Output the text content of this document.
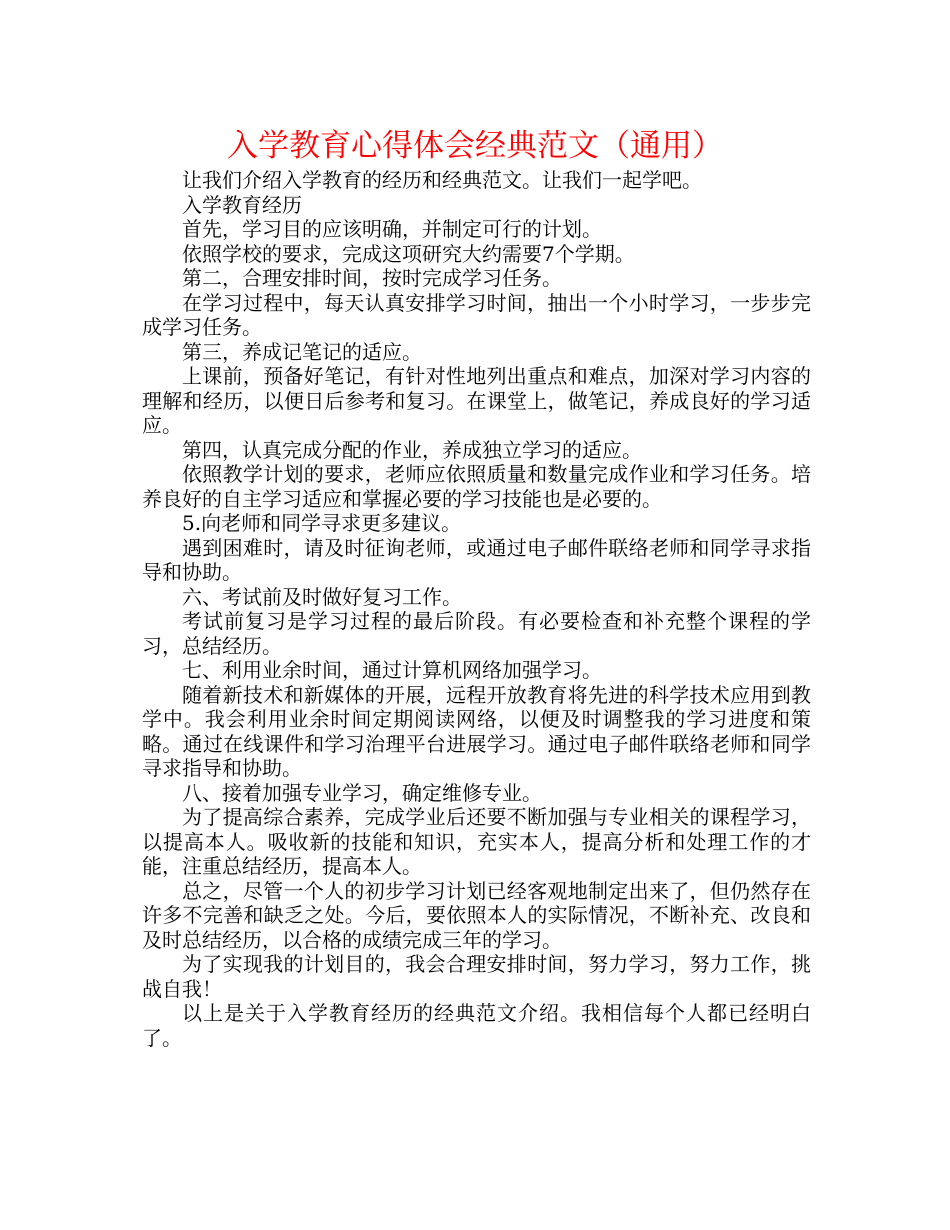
入学教育心得体会经典范文（通用）

让我们介绍入学教育的经历和经典范文。让我们一起学吧。

入学教育经历

首先，学习目的应该明确，并制定可行的计划。

依照学校的要求，完成这项研究大约需要7个学期。

第二，合理安排时间，按时完成学习任务。

在学习过程中，每天认真安排学习时间，抽出一个小时学习，一步步完成学习任务。

第三，养成记笔记的适应。

上课前，预备好笔记，有针对性地列出重点和难点，加深对学习内容的理解和经历，以便日后参考和复习。在课堂上，做笔记，养成良好的学习适应。

第四，认真完成分配的作业，养成独立学习的适应。

依照教学计划的要求，老师应依照质量和数量完成作业和学习任务。培养良好的自主学习适应和掌握必要的学习技能也是必要的。

5.向老师和同学寻求更多建议。

遇到困难时，请及时征询老师，或通过电子邮件联络老师和同学寻求指导和协助。

六、考试前及时做好复习工作。

考试前复习是学习过程的最后阶段。有必要检查和补充整个课程的学习，总结经历。

七、利用业余时间，通过计算机网络加强学习。

随着新技术和新媒体的开展，远程开放教育将先进的科学技术应用到教学中。我会利用业余时间定期阅读网络，以便及时调整我的学习进度和策略。通过在线课件和学习治理平台进展学习。通过电子邮件联络老师和同学寻求指导和协助。

八、接着加强专业学习，确定维修专业。

为了提高综合素养，完成学业后还要不断加强与专业相关的课程学习，以提高本人。吸收新的技能和知识，充实本人，提高分析和处理工作的才能，注重总结经历，提高本人。

总之，尽管一个人的初步学习计划已经客观地制定出来了，但仍然存在许多不完善和缺乏之处。今后，要依照本人的实际情况，不断补充、改良和及时总结经历，以合格的成绩完成三年的学习。

为了实现我的计划目的，我会合理安排时间，努力学习，努力工作，挑战自我！

以上是关于入学教育经历的经典范文介绍。我相信每个人都已经明白了。
